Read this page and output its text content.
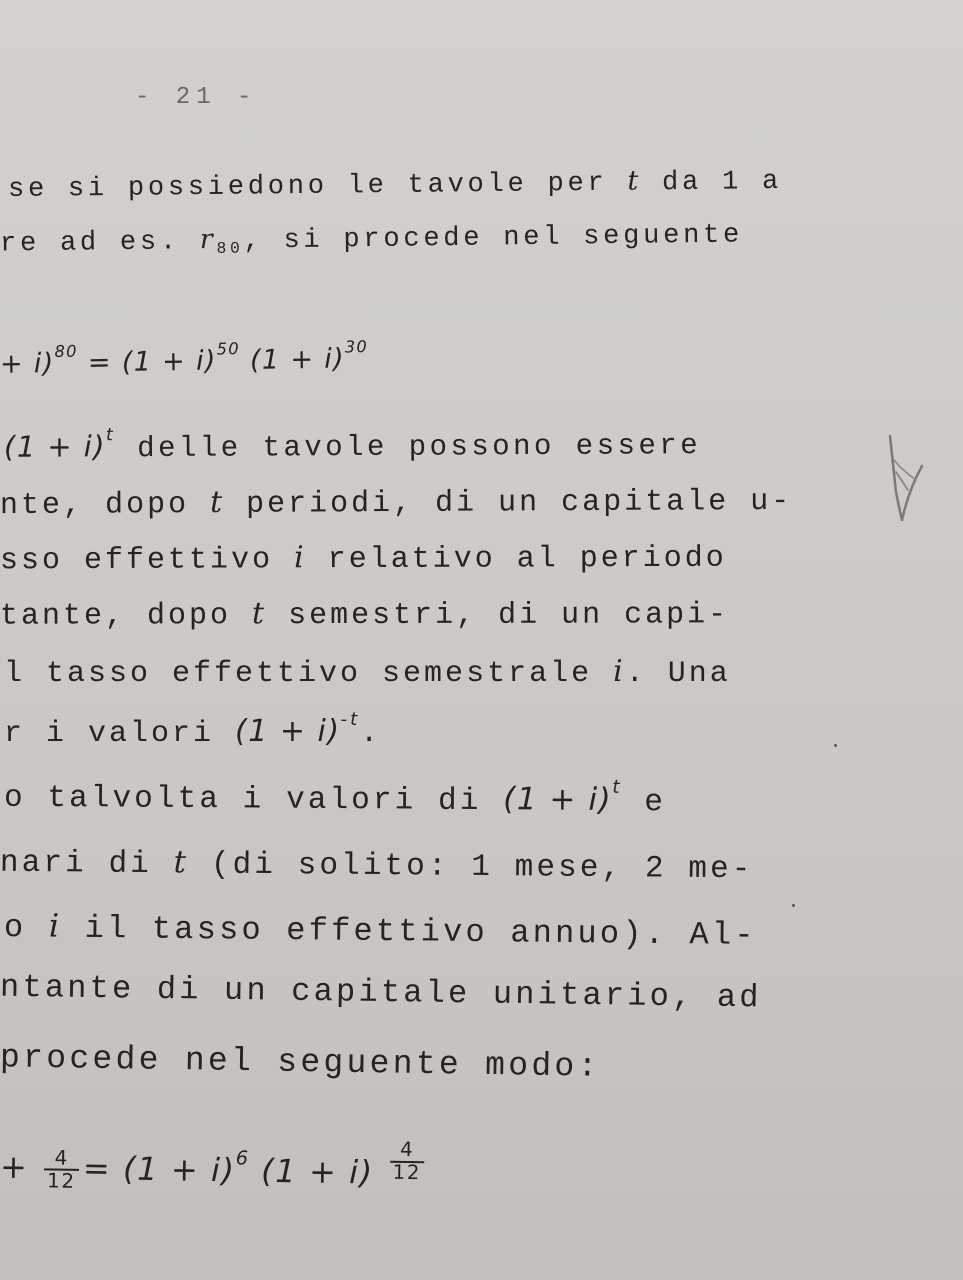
- 21 -
se si possiedono le tavole per t da 1 a
re ad es. r80, si procede nel seguente
+ $i)^{80} = (1 + i)^{50}$ $(1 + i)^{30}$
$(1 + i)^t$ delle tavole possono essere
nte, dopo t periodi, di un capitale u-
sso effettivo i relativo al periodo
tante, dopo t semestri, di un capi-
l tasso effettivo semestrale i. Una
r i valori $(1 + i)^{-t}$.
o talvolta i valori di $(1 + i)^t$ e
nari di t (di solito: 1 mese, 2 me-
o i il tasso effettivo annuo). Al-
ntante di un capitale unitario, ad
procede nel seguente modo:
+ $\frac{4}{12} = (1 + i)^6$ $(1 + i) \frac{4}{12}$
